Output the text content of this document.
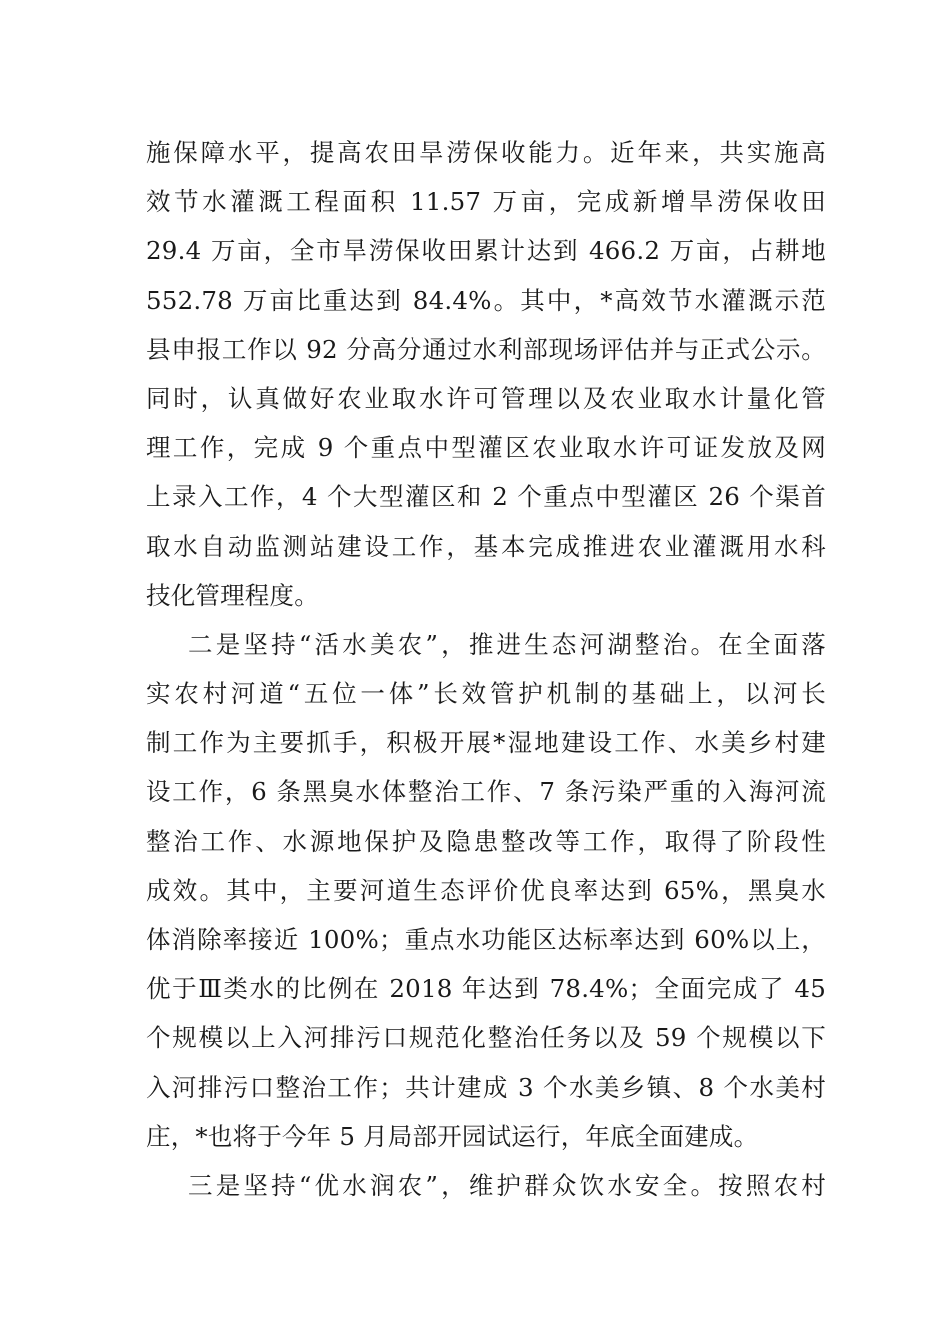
施保障水平，提高农田旱涝保收能力。近年来，共实施高
效节水灌溉工程面积 11.57 万亩，完成新增旱涝保收田
29.4 万亩，全市旱涝保收田累计达到 466.2 万亩，占耕地
552.78 万亩比重达到 84.4%。其中，*高效节水灌溉示范
县申报工作以 92 分高分通过水利部现场评估并与正式公示。
同时，认真做好农业取水许可管理以及农业取水计量化管
理工作，完成 9 个重点中型灌区农业取水许可证发放及网
上录入工作，4 个大型灌区和 2 个重点中型灌区 26 个渠首
取水自动监测站建设工作，基本完成推进农业灌溉用水科
技化管理程度。
二是坚持“活水美农”，推进生态河湖整治。在全面落
实农村河道“五位一体”长效管护机制的基础上，以河长
制工作为主要抓手，积极开展*湿地建设工作、水美乡村建
设工作，6 条黑臭水体整治工作、7 条污染严重的入海河流
整治工作、水源地保护及隐患整改等工作，取得了阶段性
成效。其中，主要河道生态评价优良率达到 65%，黑臭水
体消除率接近 100%；重点水功能区达标率达到 60%以上，
优于Ⅲ类水的比例在 2018 年达到 78.4%；全面完成了 45
个规模以上入河排污口规范化整治任务以及 59 个规模以下
入河排污口整治工作；共计建成 3 个水美乡镇、8 个水美村
庄，*也将于今年 5 月局部开园试运行，年底全面建成。
三是坚持“优水润农”，维护群众饮水安全。按照农村
